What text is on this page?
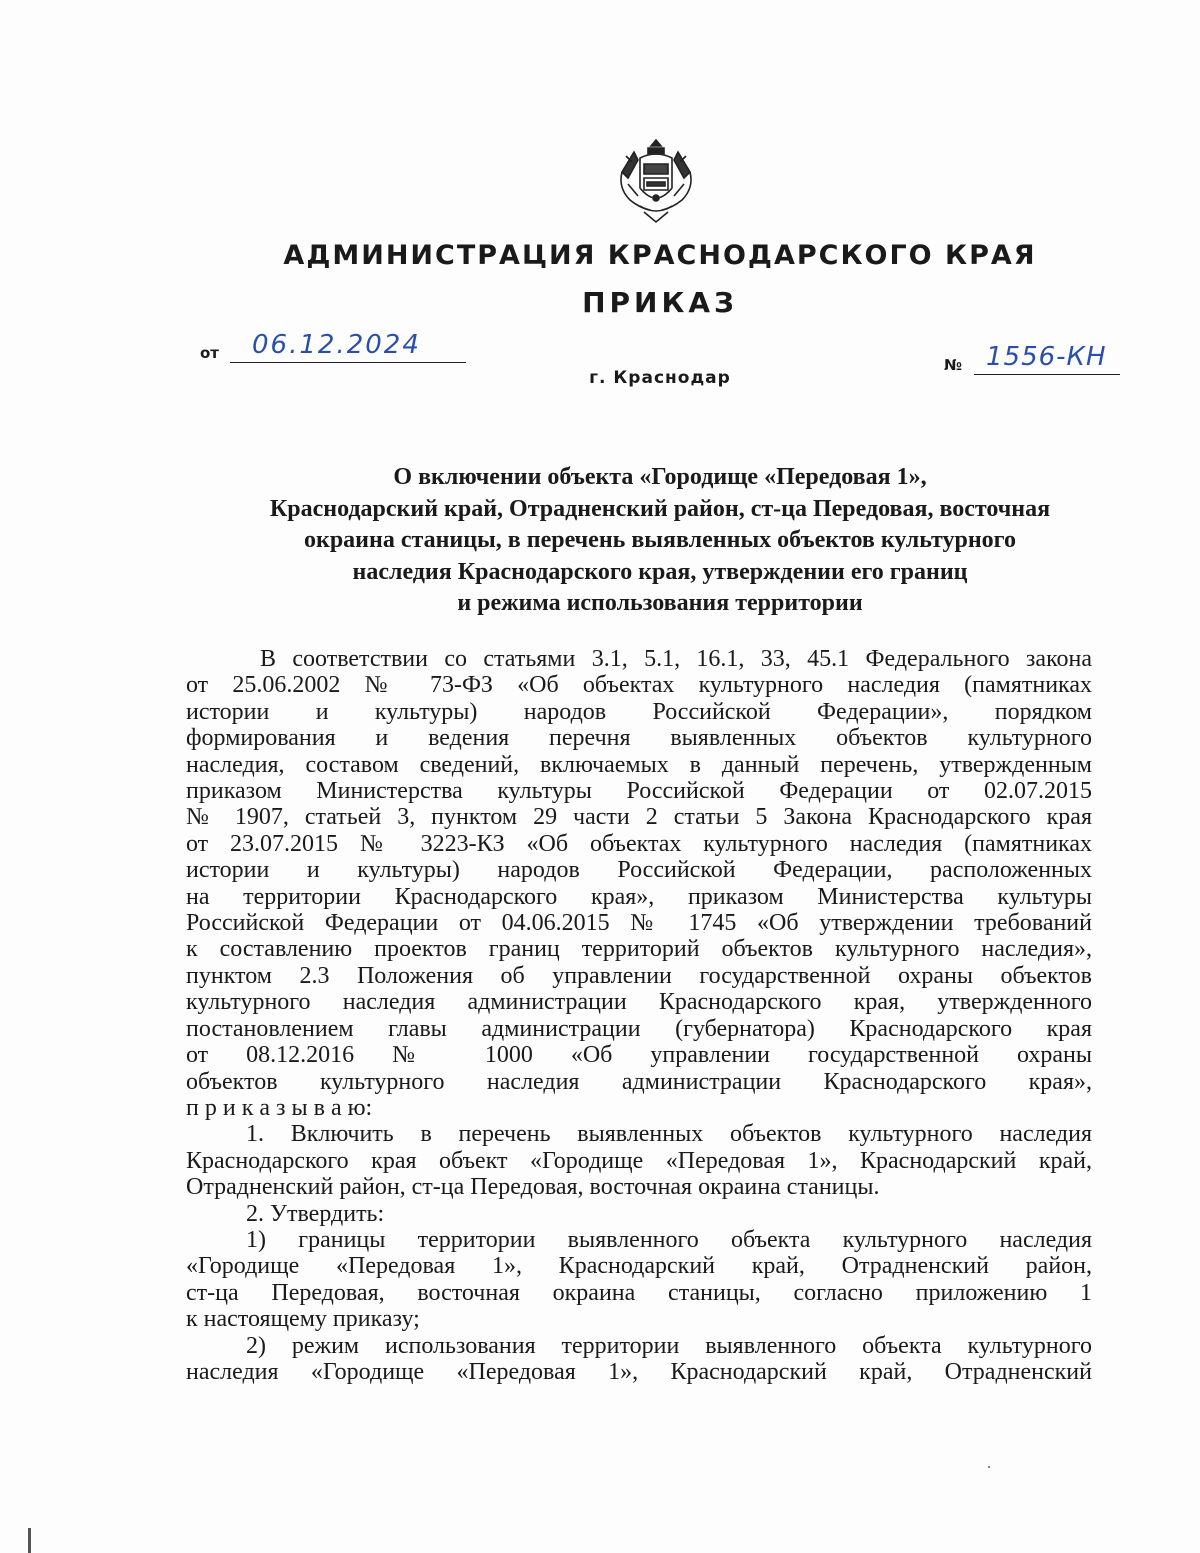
АДМИНИСТРАЦИЯ КРАСНОДАРСКОГО КРАЯ
ПРИКАЗ
от 06.12.2024
№ 1556-КН
г. Краснодар
О включении объекта «Городище «Передовая 1»,
Краснодарский край, Отрадненский район, ст-ца Передовая, восточная
окраина станицы, в перечень выявленных объектов культурного
наследия Краснодарского края, утверждении его границ
и режима использования территории
В соответствии со статьями 3.1, 5.1, 16.1, 33, 45.1 Федерального закона
от 25.06.2002 № 73-ФЗ «Об объектах культурного наследия (памятниках
истории и культуры) народов Российской Федерации», порядком
формирования и ведения перечня выявленных объектов культурного
наследия, составом сведений, включаемых в данный перечень, утвержденным
приказом Министерства культуры Российской Федерации от 02.07.2015
№ 1907, статьей 3, пунктом 29 части 2 статьи 5 Закона Краснодарского края
от 23.07.2015 № 3223-КЗ «Об объектах культурного наследия (памятниках
истории и культуры) народов Российской Федерации, расположенных
на территории Краснодарского края», приказом Министерства культуры
Российской Федерации от 04.06.2015 № 1745 «Об утверждении требований
к составлению проектов границ территорий объектов культурного наследия»,
пунктом 2.3 Положения об управлении государственной охраны объектов
культурного наследия администрации Краснодарского края, утвержденного
постановлением главы администрации (губернатора) Краснодарского края
от 08.12.2016 № 1000 «Об управлении государственной охраны
объектов культурного наследия администрации Краснодарского края»,
п р и к а з ы в а ю:
1. Включить в перечень выявленных объектов культурного наследия
Краснодарского края объект «Городище «Передовая 1», Краснодарский край,
Отрадненский район, ст-ца Передовая, восточная окраина станицы.
2. Утвердить:
1) границы территории выявленного объекта культурного наследия
«Городище «Передовая 1», Краснодарский край, Отрадненский район,
ст-ца Передовая, восточная окраина станицы, согласно приложению 1
к настоящему приказу;
2) режим использования территории выявленного объекта культурного
наследия «Городище «Передовая 1», Краснодарский край, Отрадненский
